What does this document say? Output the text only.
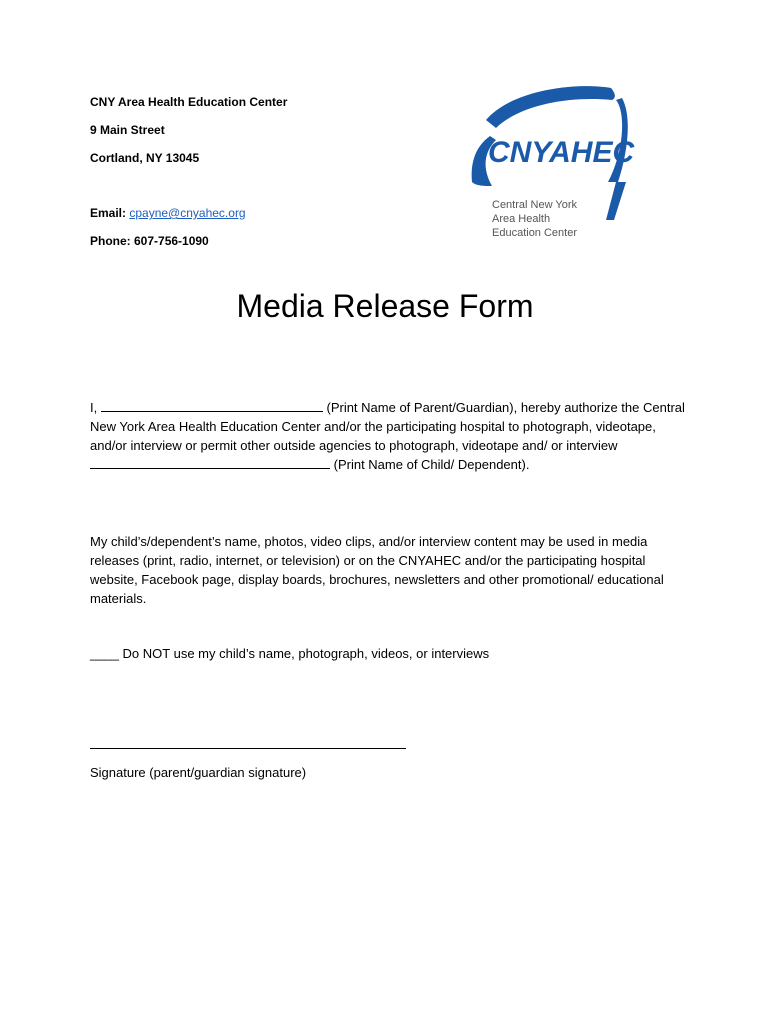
CNY Area Health Education Center
9 Main Street
Cortland, NY 13045
Email: cpayne@cnyahec.org
Phone: 607-756-1090
CNYAHEC
Central New York
Area Health
Education Center
Media Release Form
I,	(Print Name of Parent/Guardian), hereby authorize the Central New York Area Health Education Center and/or the participating hospital to photograph, videotape, and/or interview or permit other outside agencies to photograph, videotape and/ or interview  (Print Name of Child/ Dependent).
My child’s/dependent’s name, photos, video clips, and/or interview content may be used in media releases (print, radio, internet, or television) or on the CNYAHEC and/or the participating hospital website, Facebook page, display boards, brochures, newsletters and other promotional/ educational materials.
____ Do NOT use my child’s name, photograph, videos, or interviews
Signature (parent/guardian signature)
